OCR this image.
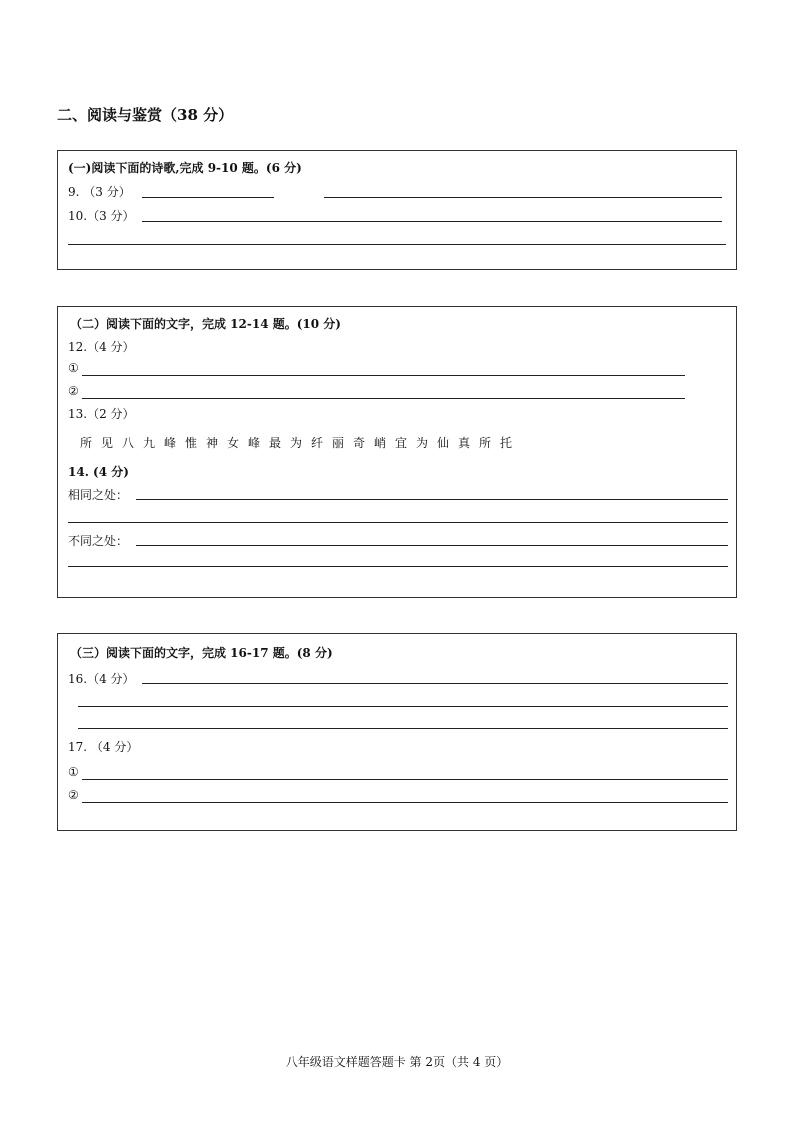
二、阅读与鉴赏（38 分）
(一)阅读下面的诗歌,完成 9-10 题。(6 分)
9. （3 分）
10.（3 分）
（二）阅读下面的文字，完成 12-14 题。(10 分)
12.（4 分）
①
②
13.（2 分）
所见八九峰惟神女峰最为纤丽奇峭宜为仙真所托
14. (4 分)
相同之处：
不同之处：
（三）阅读下面的文字，完成 16-17 题。(8 分)
16.（4 分）
17. （4 分）
①
②
八年级语文样题答题卡 第 2页（共 4 页）
